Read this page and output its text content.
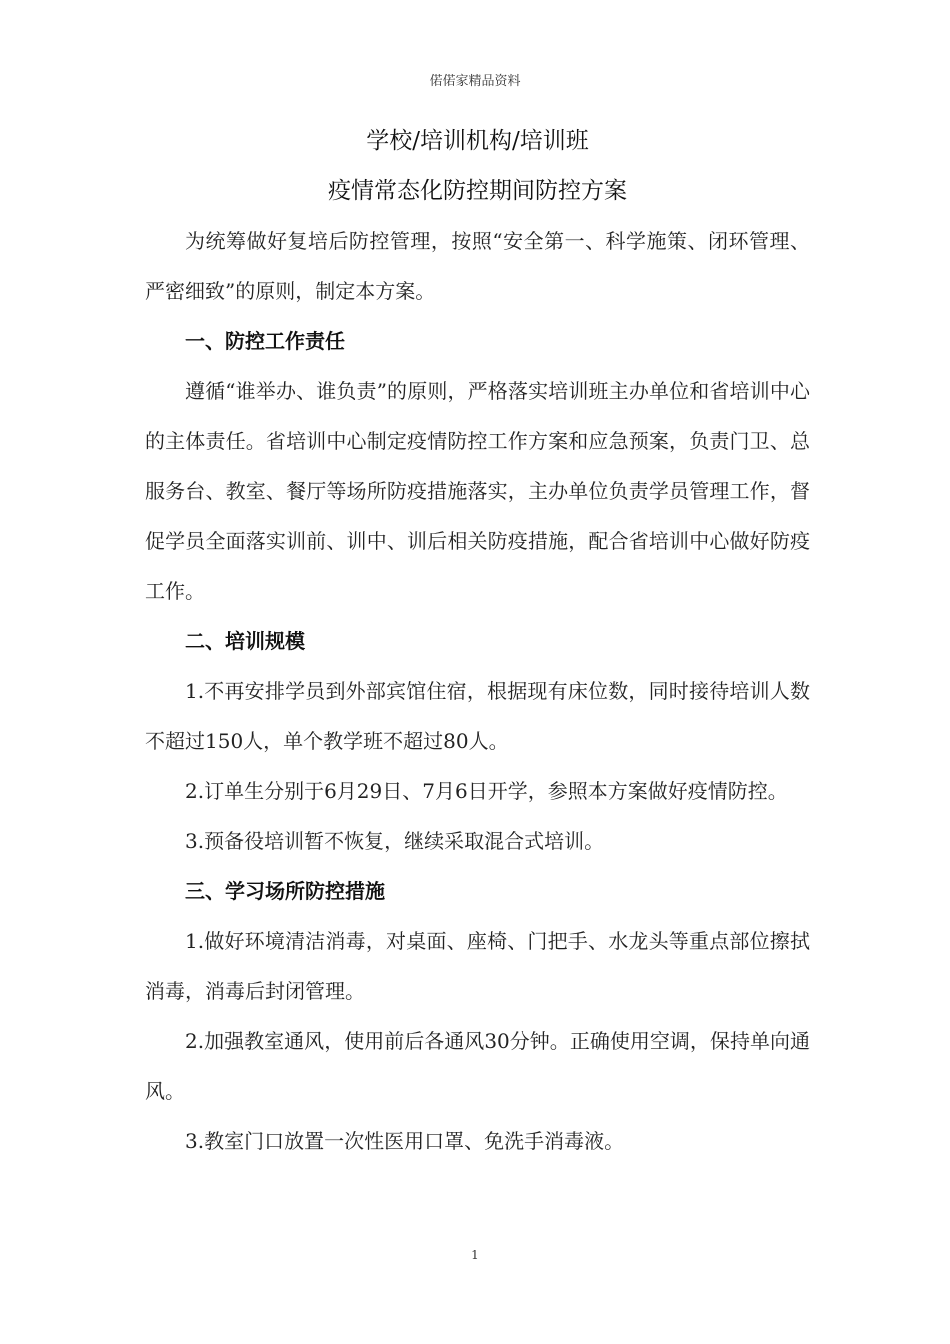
偌偌家精品资料
学校/培训机构/培训班
疫情常态化防控期间防控方案

为统筹做好复培后防控管理，按照“安全第一、科学施策、闭环管理、严密细致”的原则，制定本方案。

一、防控工作责任

遵循“谁举办、谁负责”的原则，严格落实培训班主办单位和省培训中心的主体责任。省培训中心制定疫情防控工作方案和应急预案，负责门卫、总服务台、教室、餐厅等场所防疫措施落实，主办单位负责学员管理工作，督促学员全面落实训前、训中、训后相关防疫措施，配合省培训中心做好防疫工作。

二、培训规模

1.不再安排学员到外部宾馆住宿，根据现有床位数，同时接待培训人数不超过150人，单个教学班不超过80人。

2.订单生分别于6月29日、7月6日开学，参照本方案做好疫情防控。

3.预备役培训暂不恢复，继续采取混合式培训。

三、学习场所防控措施

1.做好环境清洁消毒，对桌面、座椅、门把手、水龙头等重点部位擦拭消毒，消毒后封闭管理。

2.加强教室通风，使用前后各通风30分钟。正确使用空调，保持单向通风。

3.教室门口放置一次性医用口罩、免洗手消毒液。

1
